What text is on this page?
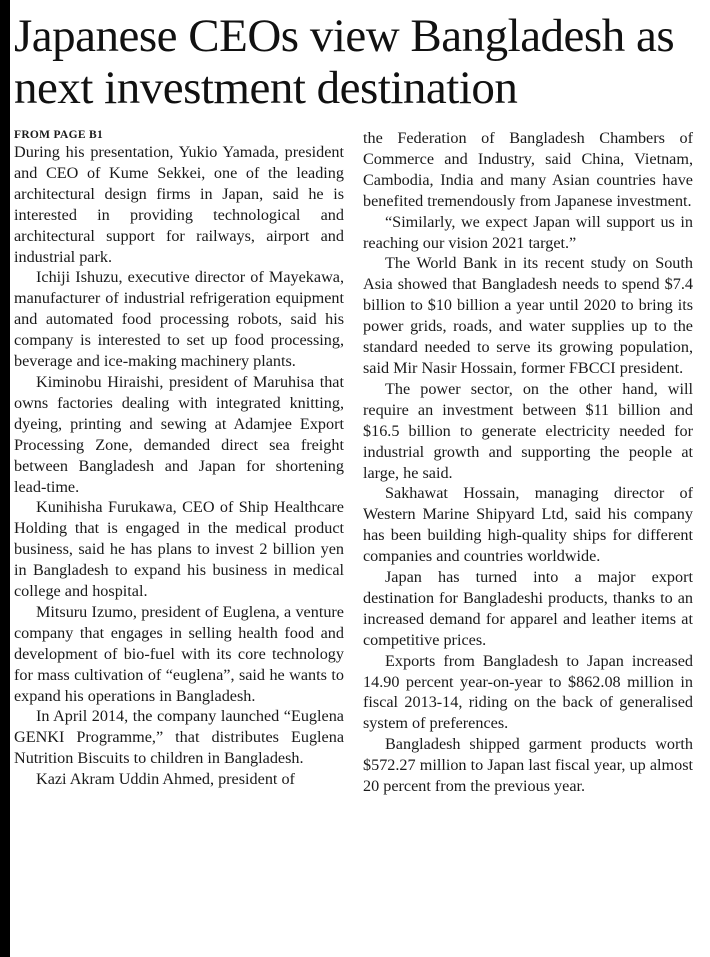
Japanese CEOs view Bangladesh as next investment destination
FROM PAGE B1

During his presentation, Yukio Yamada, president and CEO of Kume Sekkei, one of the leading architectural design firms in Japan, said he is interested in providing technological and architectural support for railways, airport and industrial park.

Ichiji Ishuzu, executive director of Mayekawa, manufacturer of industrial refrigeration equipment and automated food processing robots, said his company is interested to set up food processing, beverage and ice-making machinery plants.

Kiminobu Hiraishi, president of Maruhisa that owns factories dealing with integrated knitting, dyeing, printing and sewing at Adamjee Export Processing Zone, demanded direct sea freight between Bangladesh and Japan for shortening lead-time.

Kunihisha Furukawa, CEO of Ship Healthcare Holding that is engaged in the medical product business, said he has plans to invest 2 billion yen in Bangladesh to expand his business in medical college and hospital.

Mitsuru Izumo, president of Euglena, a venture company that engages in selling health food and development of bio-fuel with its core technology for mass cultivation of “euglena”, said he wants to expand his operations in Bangladesh.

In April 2014, the company launched “Euglena GENKI Programme,” that distributes Euglena Nutrition Biscuits to children in Bangladesh.

Kazi Akram Uddin Ahmed, president of

the Federation of Bangladesh Chambers of Commerce and Industry, said China, Vietnam, Cambodia, India and many Asian countries have benefited tremendously from Japanese investment.

“Similarly, we expect Japan will support us in reaching our vision 2021 target.”

The World Bank in its recent study on South Asia showed that Bangladesh needs to spend $7.4 billion to $10 billion a year until 2020 to bring its power grids, roads, and water supplies up to the standard needed to serve its growing population, said Mir Nasir Hossain, former FBCCI president.

The power sector, on the other hand, will require an investment between $11 billion and $16.5 billion to generate electricity needed for industrial growth and supporting the people at large, he said.

Sakhawat Hossain, managing director of Western Marine Shipyard Ltd, said his company has been building high-quality ships for different companies and countries worldwide.

Japan has turned into a major export destination for Bangladeshi products, thanks to an increased demand for apparel and leather items at competitive prices.

Exports from Bangladesh to Japan increased 14.90 percent year-on-year to $862.08 million in fiscal 2013-14, riding on the back of generalised system of preferences.

Bangladesh shipped garment products worth $572.27 million to Japan last fiscal year, up almost 20 percent from the previous year.
